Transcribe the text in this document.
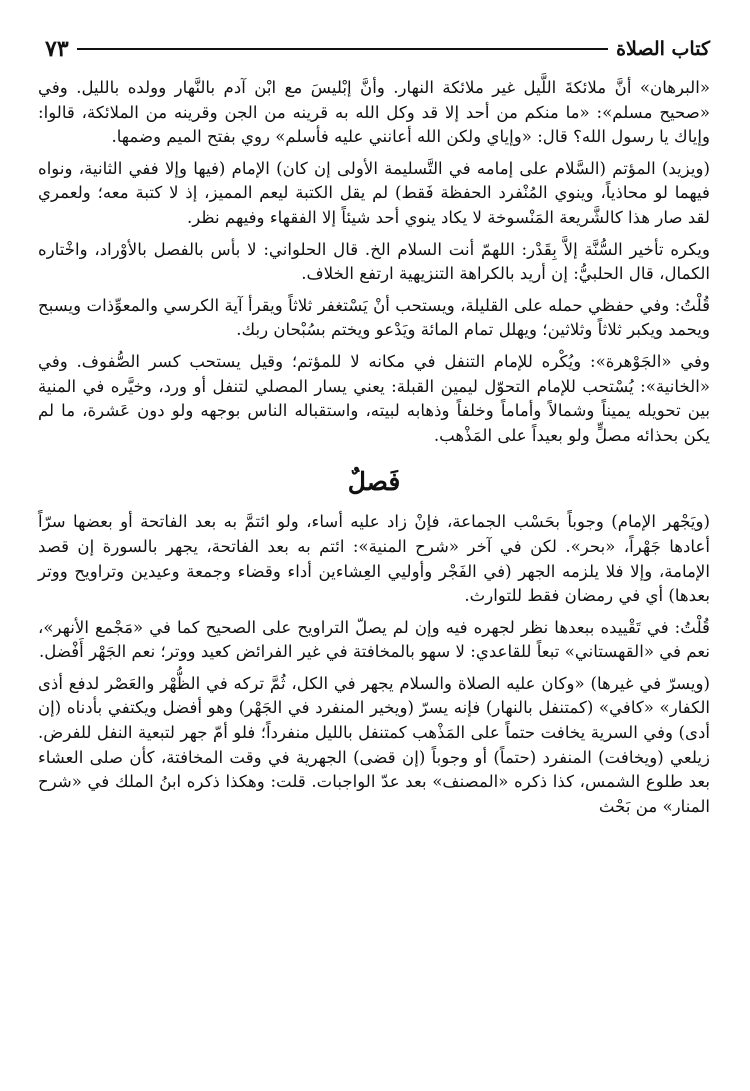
كتاب الصلاة
٧٣

«البرهان» أنَّ ملائكةَ اللَّيل غير ملائكة النهار. وأنَّ إبْليسَ مع ابْن آدم بالنَّهار وولده بالليل. وفي «صحيح مسلم»: «ما منكم من أحد إلا قد وكل الله به قرينه من الجن وقرينه من الملائكة، قالوا: وإياك يا رسول الله؟ قال: «وإياي ولكن الله أعانني عليه فأسلم» روي بفتح الميم وضمها.

(ويزيد) المؤتم (السَّلام على إمامه في التَّسليمة الأولى إن كان) الإمام (فيها وإلا ففي الثانية، ونواه فيهما لو محاذياً، وينوي المُنْفرد الحفظة فَقط) لم يقل الكتبة ليعم المميز، إذ لا كتبة معه؛ ولعمري لقد صار هذا كالشَّريعة المَنْسوخة لا يكاد ينوي أحد شيئاً إلا الفقهاء وفيهم نظر.

ويكره تأخير السُّنَّة إلاَّ بِقَدْر: اللهمّ أنت السلام الخ. قال الحلواني: لا بأس بالفصل بالأوْراد، واخْتاره الكمال، قال الحلبيُّ: إن أريد بالكراهة التنزيهية ارتفع الخلاف.

قُلْتُ: وفي حفظي حمله على القليلة، ويستحب أنْ يَسْتغفر ثلاثاً ويقرأ آية الكرسي والمعوِّذات ويسبح ويحمد ويكبر ثلاثاً وثلاثين؛ ويهلل تمام المائة ويَدْعو ويختم بسُبْحان ربك.

وفي «الجَوْهرة»: ويُكْره للإمام التنفل في مكانه لا للمؤتم؛ وقيل يستحب كسر الصُّفوف. وفي «الخانية»: يُسْتحب للإمام التحوّل ليمين القبلة: يعني يسار المصلي لتنفل أو ورد، وخيَّره في المنية بين تحويله يميناً وشمالاً وأماماً وخلفاً وذهابه لبيته، واستقباله الناس بوجهه ولو دون عَشرة، ما لم يكن بحذائه مصلٍّ ولو بعيداً على المَذْهب.

فَصلٌ

(ويَجْهر الإمام) وجوباً بحَسْب الجماعة، فإنْ زاد عليه أساء، ولو ائتمَّ به بعد الفاتحة أو بعضها سرّاً أعادها جَهْراً، «بحر». لكن في آخر «شرح المنية»: ائتم به بعد الفاتحة، يجهر بالسورة إن قصد الإمامة، وإلا فلا يلزمه الجهر (في الفَجْر وأوليي العِشاءين أداء وقضاء وجمعة وعيدين وتراويح ووتر بعدها) أي في رمضان فقط للتوارث.

قُلْتُ: في تَقْييده ببعدها نظر لجهره فيه وإن لم يصلّ التراويح على الصحيح كما في «مَجْمع الأنهر»، نعم في «القهستاني» تبعاً للقاعدي: لا سهو بالمخافتة في غير الفرائض كعيد ووتر؛ نعم الجَهْر أَفْضل.

(ويسرّ في غيرها) «وكان عليه الصلاة والسلام يجهر في الكل، ثُمَّ تركه في الظُّهْر والعَصْر لدفع أذى الكفار» «كافي» (كمتنفل بالنهار) فإنه يسرّ (ويخير المنفرد في الجَهْر) وهو أفضل ويكتفي بأدناه (إن أدى) وفي السرية يخافت حتماً على المَذْهب كمتنفل بالليل منفرداً؛ فلو أمّ جهر لتبعية النفل للفرض. زيلعي (ويخافت) المنفرد (حتماً) أو وجوباً (إن قضى) الجهرية في وقت المخافتة، كأن صلى العشاء بعد طلوع الشمس، كذا ذكره «المصنف» بعد عدّ الواجبات. قلت: وهكذا ذكره ابنُ الملك في «شرح المنار» من بَحْث
